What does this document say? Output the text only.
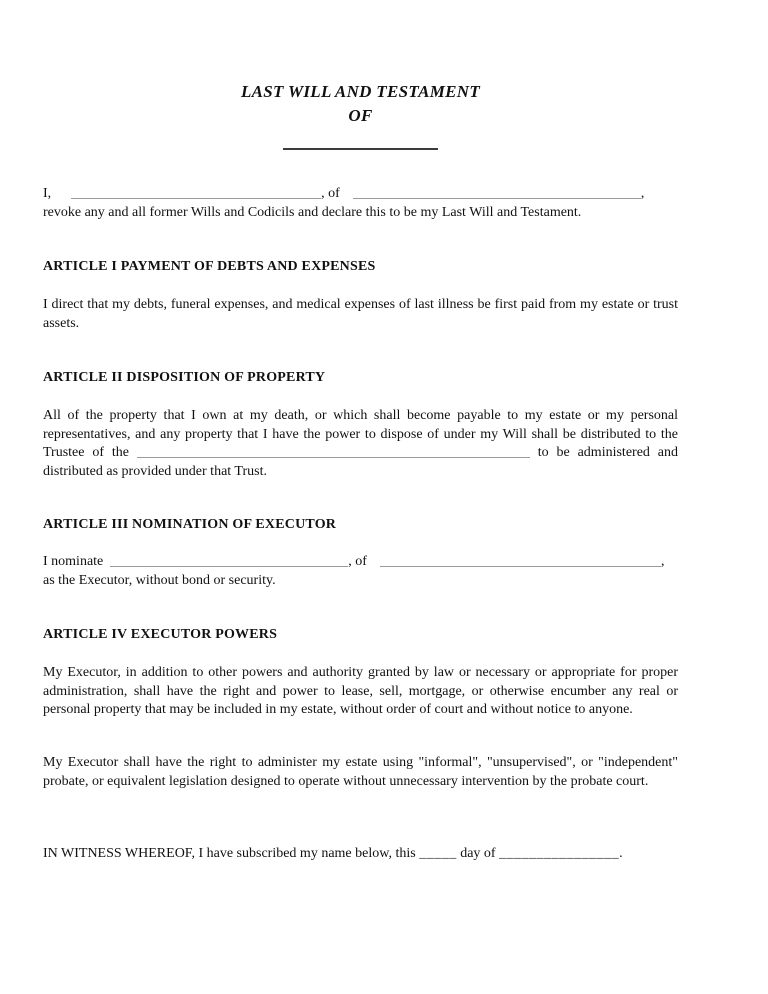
LAST WILL AND TESTAMENT
OF
I,	, of	,
revoke any and all former Wills and Codicils and declare this to be my Last Will and Testament.
ARTICLE I PAYMENT OF DEBTS AND EXPENSES
I direct that my debts, funeral expenses, and medical expenses of last illness be first paid from my estate or trust assets.
ARTICLE II DISPOSITION OF PROPERTY
All of the property that I own at my death, or which shall become payable to my estate or my personal representatives, and any property that I have the power to dispose of under my Will shall be distributed to the Trustee of the	to be administered and distributed as provided under that Trust.
ARTICLE III NOMINATION OF EXECUTOR
I nominate	, of	,
as the Executor, without bond or security.
ARTICLE IV EXECUTOR POWERS
My Executor, in addition to other powers and authority granted by law or necessary or appropriate for proper administration, shall have the right and power to lease, sell, mortgage, or otherwise encumber any real or personal property that may be included in my estate, without order of court and without notice to anyone.
My Executor shall have the right to administer my estate using "informal", "unsupervised", or "independent" probate, or equivalent legislation designed to operate without unnecessary intervention by the probate court.
IN WITNESS WHEREOF, I have subscribed my name below, this _____ day of ________________.
